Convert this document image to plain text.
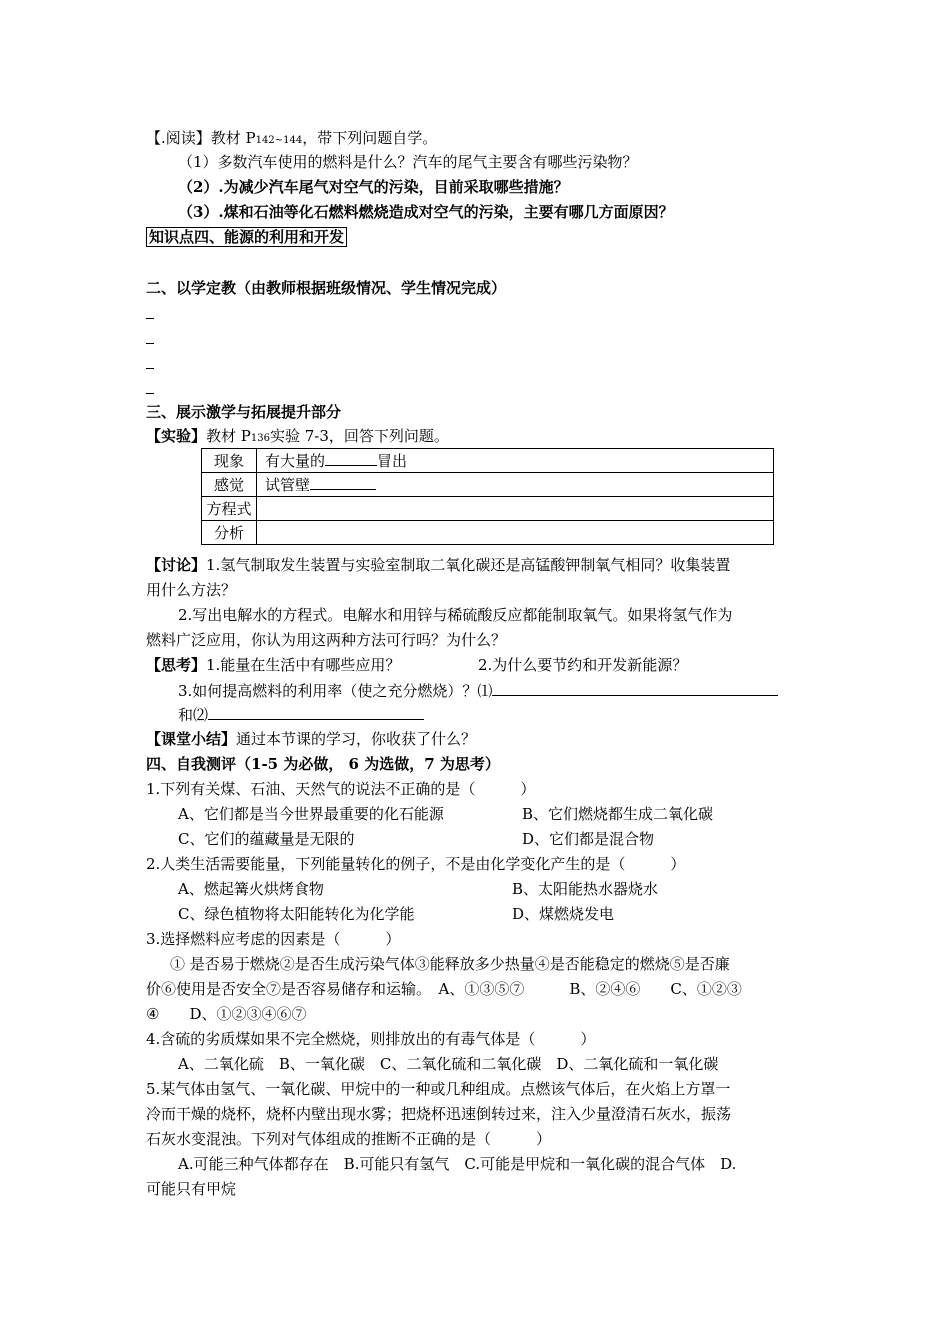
【.阅读】教材 P142~144，带下列问题自学。
（1）多数汽车使用的燃料是什么？汽车的尾气主要含有哪些污染物？
（2）.为减少汽车尾气对空气的污染，目前采取哪些措施？
（3）.煤和石油等化石燃料燃烧造成对空气的污染，主要有哪几方面原因？
知识点四、能源的利用和开发
二、以学定教（由教师根据班级情况、学生情况完成）
三、展示激学与拓展提升部分
【实验】教材 P136实验 7-3，回答下列问题。
现象	有大量的 冒出
感觉	试管壁
方程式	
分析	
【讨论】1.氢气制取发生装置与实验室制取二氧化碳还是高锰酸钾制氧气相同？收集装置
用什么方法？
2.写出电解水的方程式。电解水和用锌与稀硫酸反应都能制取氧气。如果将氢气作为
燃料广泛应用，你认为用这两种方法可行吗？为什么？
【思考】1.能量在生活中有哪些应用？	2.为什么要节约和开发新能源？
3.如何提高燃料的利用率（使之充分燃烧）？⑴
和⑵
【课堂小结】通过本节课的学习，你收获了什么？
四、自我测评（1-5 为必做， 6 为选做，7 为思考）
1.下列有关煤、石油、天然气的说法不正确的是（　　　）
A、它们都是当今世界最重要的化石能源	B、它们燃烧都生成二氧化碳
C、它们的蕴藏量是无限的	D、它们都是混合物
2.人类生活需要能量，下列能量转化的例子，不是由化学变化产生的是（　　　）
A、燃起篝火烘烤食物	B、太阳能热水器烧水
C、绿色植物将太阳能转化为化学能	D、煤燃烧发电
3.选择燃料应考虑的因素是（　　　）
① 是否易于燃烧②是否生成污染气体③能释放多少热量④是否能稳定的燃烧⑤是否廉
价⑥使用是否安全⑦是否容易储存和运输。　A、①③⑤⑦　　　B、②④⑥　　C、①②③
④　　D、①②③④⑥⑦
4.含硫的劣质煤如果不完全燃烧，则排放出的有毒气体是（　　　）
A、二氧化硫　B、一氧化碳　C、二氧化硫和二氧化碳　D、二氧化硫和一氧化碳
5.某气体由氢气、一氧化碳、甲烷中的一种或几种组成。点燃该气体后，在火焰上方罩一
冷而干燥的烧杯，烧杯内壁出现水雾；把烧杯迅速倒转过来，注入少量澄清石灰水，振荡
石灰水变混浊。下列对气体组成的推断不正确的是（　　　）
A.可能三种气体都存在　B.可能只有氢气　C.可能是甲烷和一氧化碳的混合气体　D.
可能只有甲烷
